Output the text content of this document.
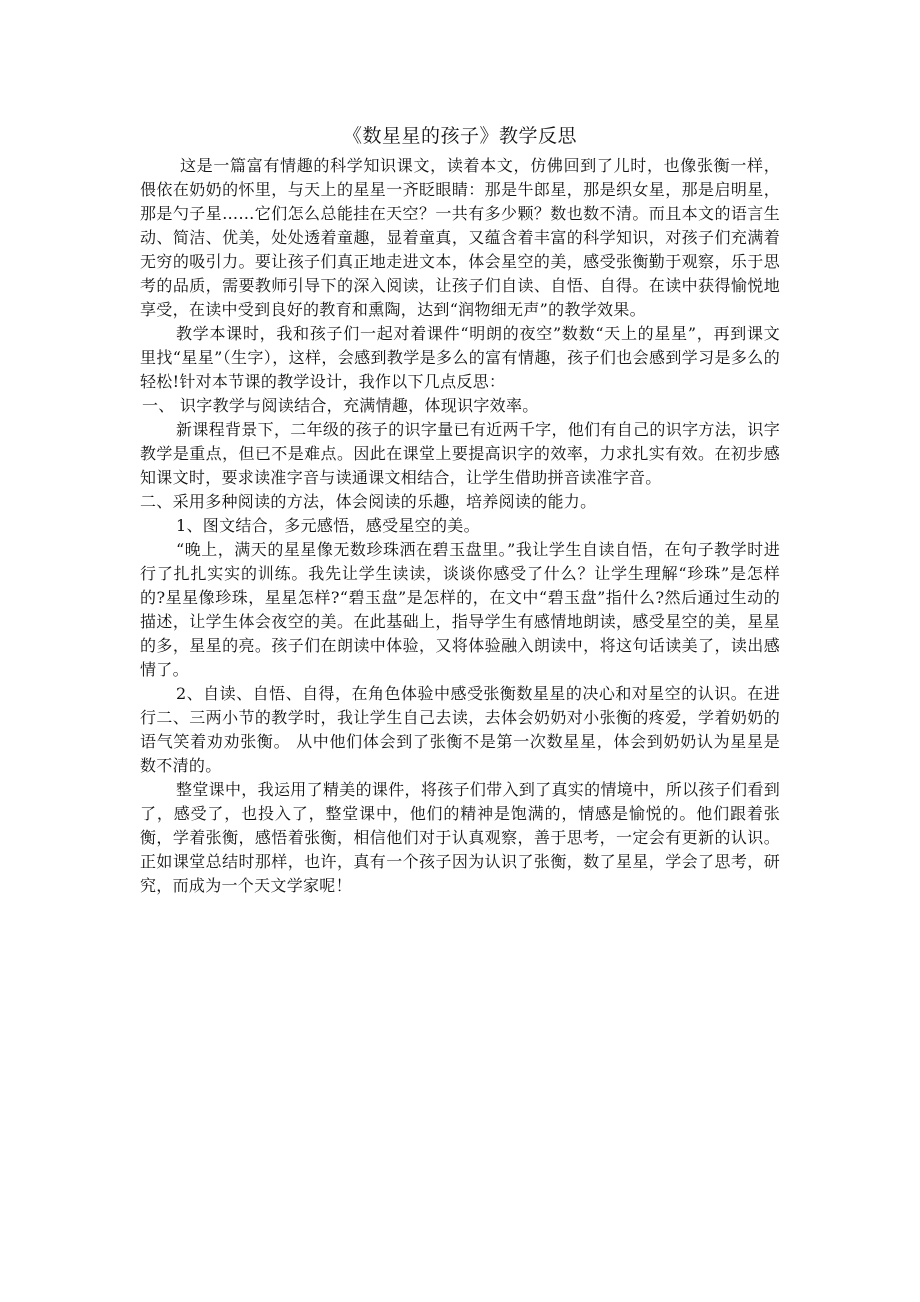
《数星星的孩子》教学反思

这是一篇富有情趣的科学知识课文，读着本文，仿佛回到了儿时，也像张衡一样，偎依在奶奶的怀里，与天上的星星一齐眨眼睛：那是牛郎星，那是织女星，那是启明星，那是勺子星……它们怎么总能挂在天空？一共有多少颗？数也数不清。而且本文的语言生动、简洁、优美，处处透着童趣，显着童真，又蕴含着丰富的科学知识，对孩子们充满着无穷的吸引力。要让孩子们真正地走进文本，体会星空的美，感受张衡勤于观察，乐于思考的品质，需要教师引导下的深入阅读，让孩子们自读、自悟、自得。在读中获得愉悦地享受，在读中受到良好的教育和熏陶，达到“润物细无声”的教学效果。

教学本课时，我和孩子们一起对着课件“明朗的夜空”数数“天上的星星”，再到课文里找“星星”（生字），这样，会感到教学是多么的富有情趣，孩子们也会感到学习是多么的轻松!针对本节课的教学设计，我作以下几点反思：

一、 识字教学与阅读结合，充满情趣，体现识字效率。

新课程背景下，二年级的孩子的识字量已有近两千字，他们有自己的识字方法，识字教学是重点，但已不是难点。因此在课堂上要提高识字的效率，力求扎实有效。在初步感知课文时，要求读准字音与读通课文相结合，让学生借助拼音读准字音。

二、采用多种阅读的方法，体会阅读的乐趣，培养阅读的能力。

1、图文结合，多元感悟，感受星空的美。

“晚上，满天的星星像无数珍珠洒在碧玉盘里。”我让学生自读自悟，在句子教学时进行了扎扎实实的训练。我先让学生读读，谈谈你感受了什么？让学生理解“珍珠”是怎样的?星星像珍珠，星星怎样?“碧玉盘”是怎样的，在文中“碧玉盘”指什么?然后通过生动的描述，让学生体会夜空的美。在此基础上，指导学生有感情地朗读，感受星空的美，星星的多，星星的亮。孩子们在朗读中体验，又将体验融入朗读中，将这句话读美了，读出感情了。

2、自读、自悟、自得，在角色体验中感受张衡数星星的决心和对星空的认识。在进行二、三两小节的教学时，我让学生自己去读，去体会奶奶对小张衡的疼爱，学着奶奶的语气笑着劝劝张衡。 从中他们体会到了张衡不是第一次数星星，体会到奶奶认为星星是数不清的。

整堂课中，我运用了精美的课件，将孩子们带入到了真实的情境中，所以孩子们看到了，感受了，也投入了，整堂课中，他们的精神是饱满的，情感是愉悦的。他们跟着张衡，学着张衡，感悟着张衡，相信他们对于认真观察，善于思考，一定会有更新的认识。正如课堂总结时那样，也许，真有一个孩子因为认识了张衡，数了星星，学会了思考，研究，而成为一个天文学家呢！
